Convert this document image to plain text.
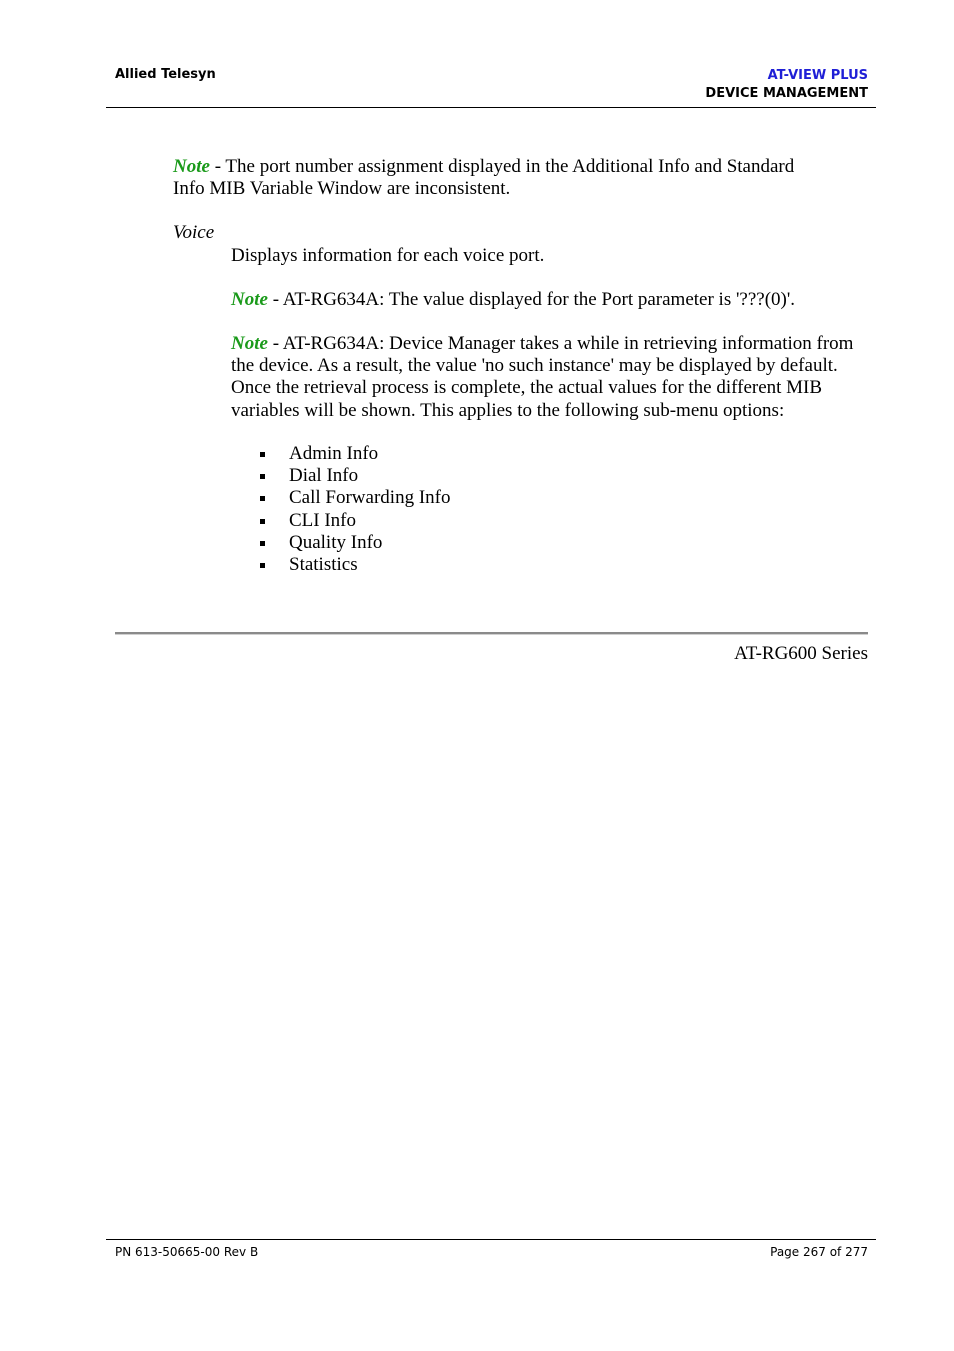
Allied Telesyn	AT-VIEW PLUS
DEVICE MANAGEMENT
Note - The port number assignment displayed in the Additional Info and Standard Info MIB Variable Window are inconsistent.
Voice
Displays information for each voice port.
Note - AT-RG634A: The value displayed for the Port parameter is '???(0)'.
Note - AT-RG634A: Device Manager takes a while in retrieving information from the device. As a result, the value 'no such instance' may be displayed by default. Once the retrieval process is complete, the actual values for the different MIB variables will be shown. This applies to the following sub-menu options:
Admin Info
Dial Info
Call Forwarding Info
CLI Info
Quality Info
Statistics
AT-RG600 Series
PN 613-50665-00 Rev B	Page 267 of 277
